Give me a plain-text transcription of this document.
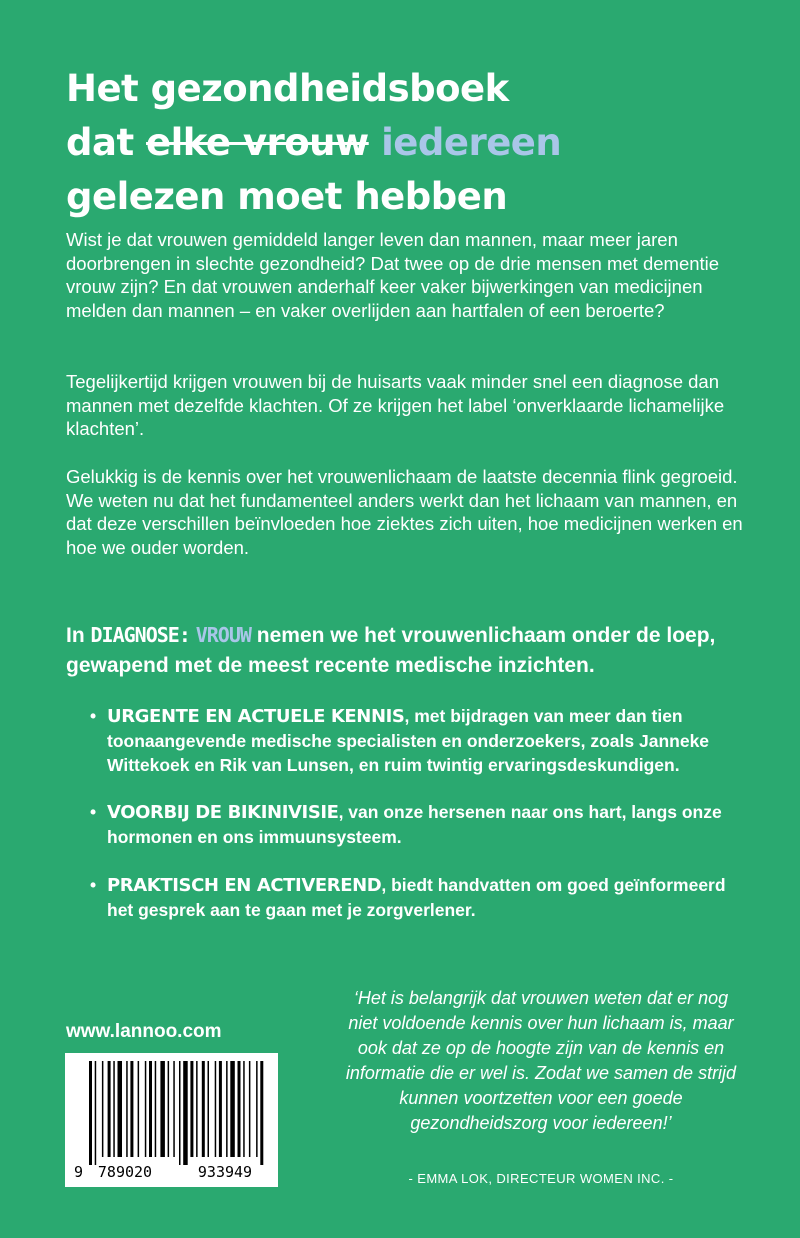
Het gezondheidsboek
dat elke vrouw iedereen
gelezen moet hebben

Wist je dat vrouwen gemiddeld langer leven dan mannen, maar meer jaren doorbrengen in slechte gezondheid? Dat twee op de drie mensen met dementie vrouw zijn? En dat vrouwen anderhalf keer vaker bijwerkingen van medicijnen melden dan mannen – en vaker overlijden aan hartfalen of een beroerte?

Tegelijkertijd krijgen vrouwen bij de huisarts vaak minder snel een diagnose dan mannen met dezelfde klachten. Of ze krijgen het label ‘onverklaarde lichamelijke klachten’.

Gelukkig is de kennis over het vrouwenlichaam de laatste decennia flink gegroeid. We weten nu dat het fundamenteel anders werkt dan het lichaam van mannen, en dat deze verschillen beïnvloeden hoe ziektes zich uiten, hoe medicijnen werken en hoe we ouder worden.

In DIAGNOSE: VROUW nemen we het vrouwenlichaam onder de loep, gewapend met de meest recente medische inzichten.
• URGENTE EN ACTUELE KENNIS, met bijdragen van meer dan tien toonaangevende medische specialisten en onderzoekers, zoals Janneke Wittekoek en Rik van Lunsen, en ruim twintig ervaringsdeskundigen.
• VOORBIJ DE BIKINIVISIE, van onze hersenen naar ons hart, langs onze hormonen en ons immuunsysteem.
• PRAKTISCH EN ACTIVEREND, biedt handvatten om goed geïnformeerd het gesprek aan te gaan met je zorgverlener.
www.lannoo.com
9 789020	933949
‘Het is belangrijk dat vrouwen weten dat er nog niet voldoende kennis over hun lichaam is, maar ook dat ze op de hoogte zijn van de kennis en informatie die er wel is. Zodat we samen de strijd kunnen voortzetten voor een goede gezondheidszorg voor iedereen!’
- EMMA LOK, DIRECTEUR WOMEN INC. -
